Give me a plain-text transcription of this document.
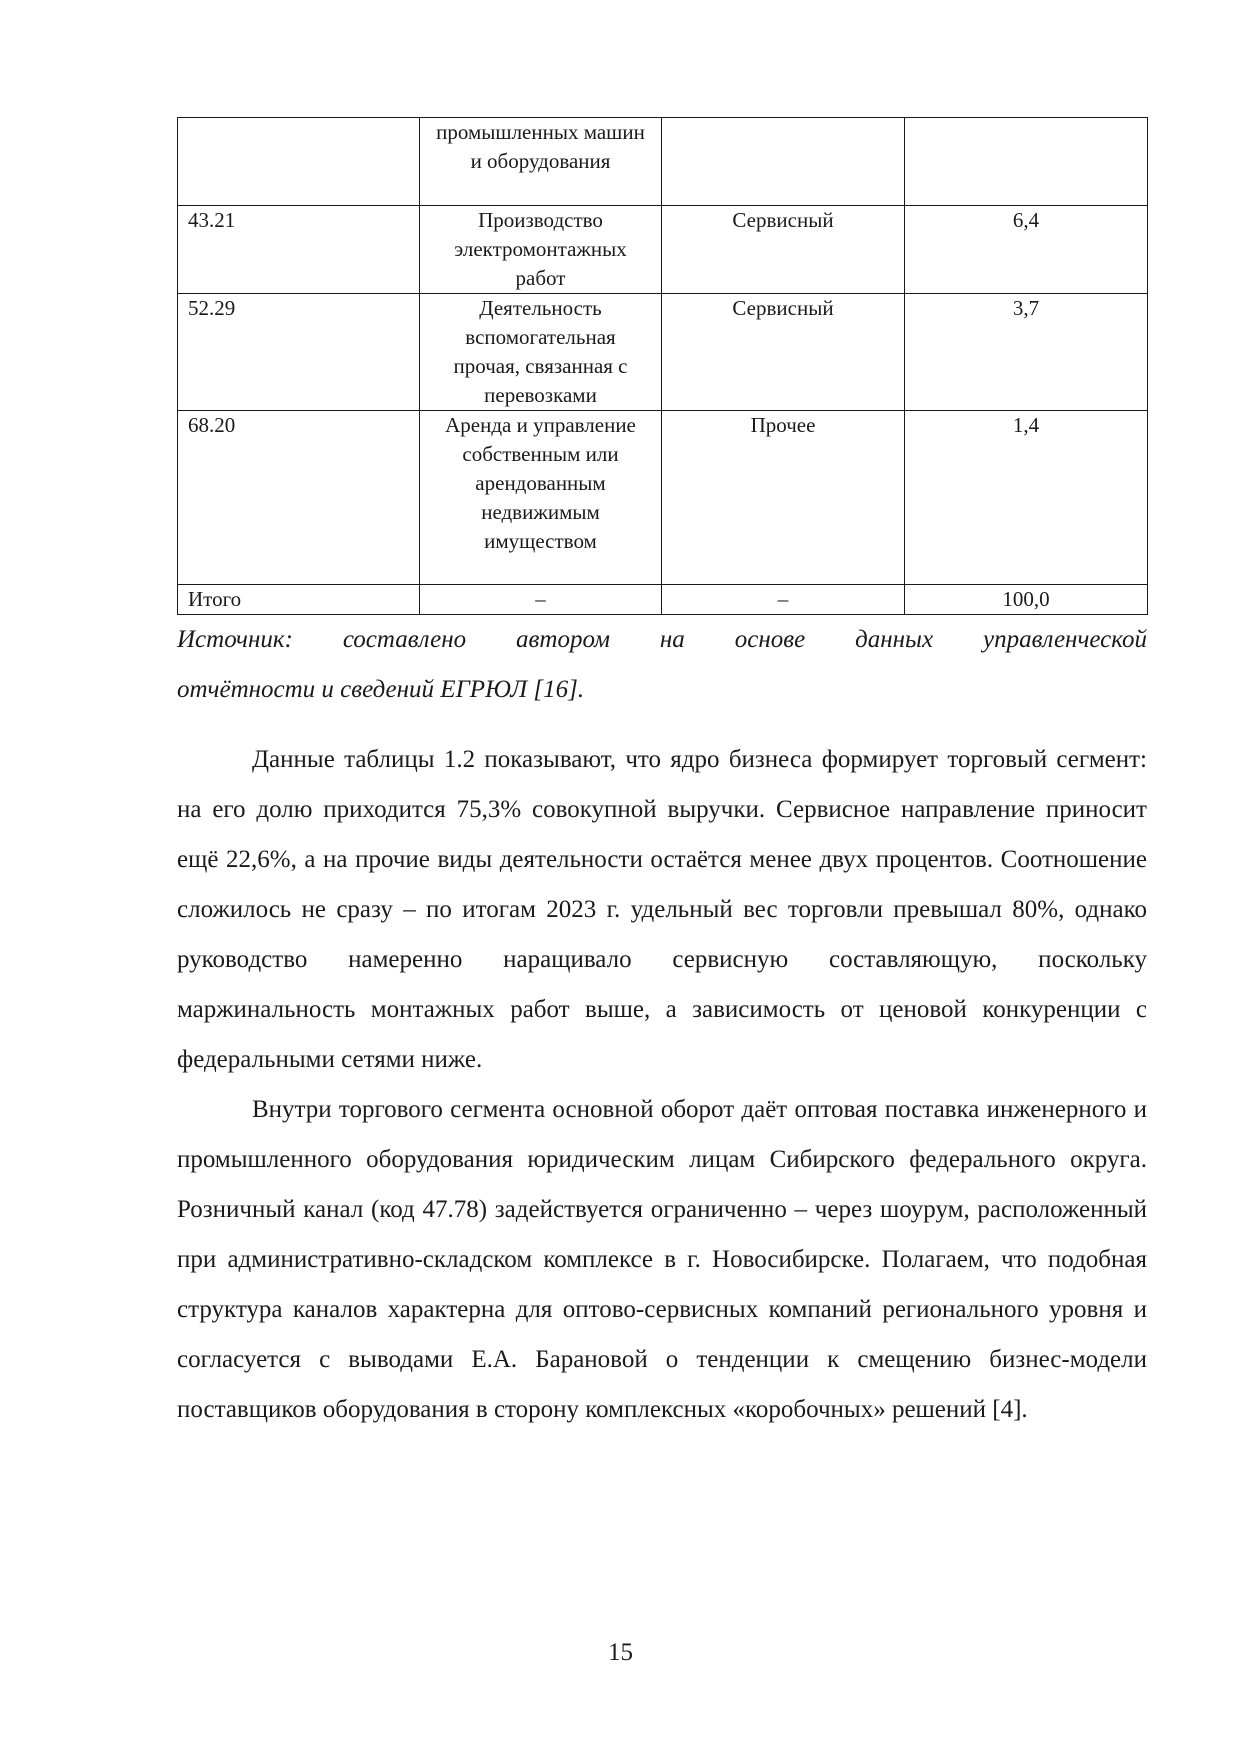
	промышленных машин и оборудования		
43.21	Производство электромонтажных работ	Сервисный	6,4
52.29	Деятельность вспомогательная прочая, связанная с перевозками	Сервисный	3,7
68.20	Аренда и управление собственным или арендованным недвижимым имуществом	Прочее	1,4
Итого	–	–	100,0
Источник: составлено автором на основе данных управленческой
отчётности и сведений ЕГРЮЛ [16].

Данные таблицы 1.2 показывают, что ядро бизнеса формирует торговый сегмент: на его долю приходится 75,3% совокупной выручки. Сервисное направление приносит ещё 22,6%, а на прочие виды деятельности остаётся менее двух процентов. Соотношение сложилось не сразу – по итогам 2023 г. удельный вес торговли превышал 80%, однако руководство намеренно наращивало сервисную составляющую, поскольку маржинальность монтажных работ выше, а зависимость от ценовой конкуренции с федеральными сетями ниже.

Внутри торгового сегмента основной оборот даёт оптовая поставка инженерного и промышленного оборудования юридическим лицам Сибирского федерального округа. Розничный канал (код 47.78) задействуется ограниченно – через шоурум, расположенный при административно-складском комплексе в г. Новосибирске. Полагаем, что подобная структура каналов характерна для оптово-сервисных компаний регионального уровня и согласуется с выводами Е.А. Барановой о тенденции к смещению бизнес-модели поставщиков оборудования в сторону комплексных «коробочных» решений [4].

15
